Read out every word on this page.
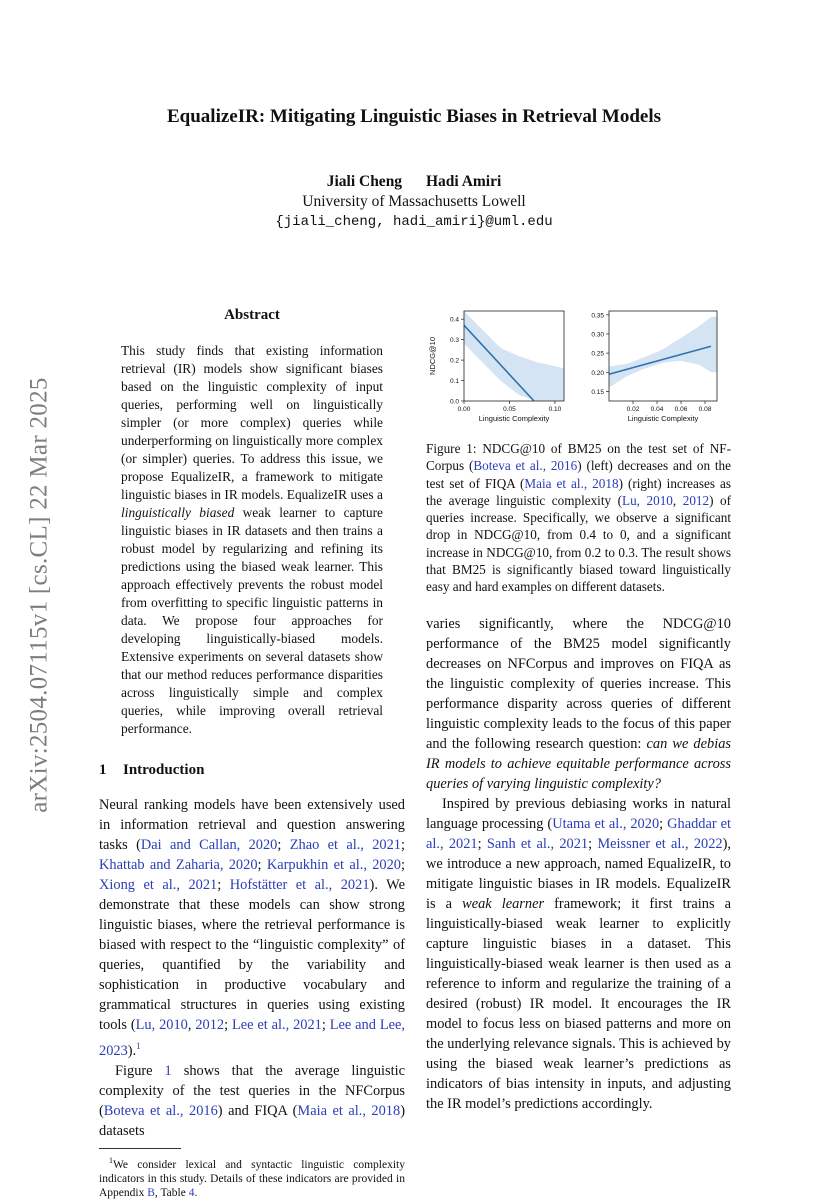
arXiv:2504.07115v1 [cs.CL] 22 Mar 2025
EqualizeIR: Mitigating Linguistic Biases in Retrieval Models
Jiali Cheng Hadi Amiri
University of Massachusetts Lowell
{jiali_cheng, hadi_amiri}@uml.edu
Abstract
This study finds that existing information retrieval (IR) models show significant biases based on the linguistic complexity of input queries, performing well on linguistically simpler (or more complex) queries while underperforming on linguistically more complex (or simpler) queries. To address this issue, we propose EqualizeIR, a framework to mitigate linguistic biases in IR models. EqualizeIR uses a linguistically biased weak learner to capture linguistic biases in IR datasets and then trains a robust model by regularizing and refining its predictions using the biased weak learner. This approach effectively prevents the robust model from overfitting to specific linguistic patterns in data. We propose four approaches for developing linguistically-biased models. Extensive experiments on several datasets show that our method reduces performance disparities across linguistically simple and complex queries, while improving overall retrieval performance.
1 Introduction

Neural ranking models have been extensively used in information retrieval and question answering tasks (Dai and Callan, 2020; Zhao et al., 2021; Khattab and Zaharia, 2020; Karpukhin et al., 2020; Xiong et al., 2021; Hofstätter et al., 2021). We demonstrate that these models can show strong linguistic biases, where the retrieval performance is biased with respect to the “linguistic complexity” of queries, quantified by the variability and sophistication in productive vocabulary and grammatical structures in queries using existing tools (Lu, 2010, 2012; Lee et al., 2021; Lee and Lee, 2023).$^1$

Figure 1 shows that the average linguistic complexity of the test queries in the NFCorpus (Boteva et al., 2016) and FIQA (Maia et al., 2018) datasets

$^1$We consider lexical and syntactic linguistic complexity indicators in this study. Details of these indicators are provided in Appendix B, Table 4.
0.0
0.1
0.2
0.3
0.4
0.00	0.05	0.10
Linguistic Complexity
NDCG@10
0.15
0.20
0.25
0.30
0.35
0.02 0.04 0.06 0.08
Linguistic Complexity
Figure 1: NDCG@10 of BM25 on the test set of NF-Corpus (Boteva et al., 2016) (left) decreases and on the test set of FIQA (Maia et al., 2018) (right) increases as the average linguistic complexity (Lu, 2010, 2012) of queries increase. Specifically, we observe a significant drop in NDCG@10, from 0.4 to 0, and a significant increase in NDCG@10, from 0.2 to 0.3. The result shows that BM25 is significantly biased toward linguistically easy and hard examples on different datasets.

varies significantly, where the NDCG@10 performance of the BM25 model significantly decreases on NFCorpus and improves on FIQA as the linguistic complexity of queries increase. This performance disparity across queries of different linguistic complexity leads to the focus of this paper and the following research question: can we debias IR models to achieve equitable performance across queries of varying linguistic complexity?

Inspired by previous debiasing works in natural language processing (Utama et al., 2020; Ghaddar et al., 2021; Sanh et al., 2021; Meissner et al., 2022), we introduce a new approach, named EqualizeIR, to mitigate linguistic biases in IR models. EqualizeIR is a weak learner framework; it first trains a linguistically-biased weak learner to explicitly capture linguistic biases in a dataset. This linguistically-biased weak learner is then used as a reference to inform and regularize the training of a desired (robust) IR model. It encourages the IR model to focus less on biased patterns and more on the underlying relevance signals. This is achieved by using the biased weak learner’s predictions as indicators of bias intensity in inputs, and adjusting the IR model’s predictions accordingly.
